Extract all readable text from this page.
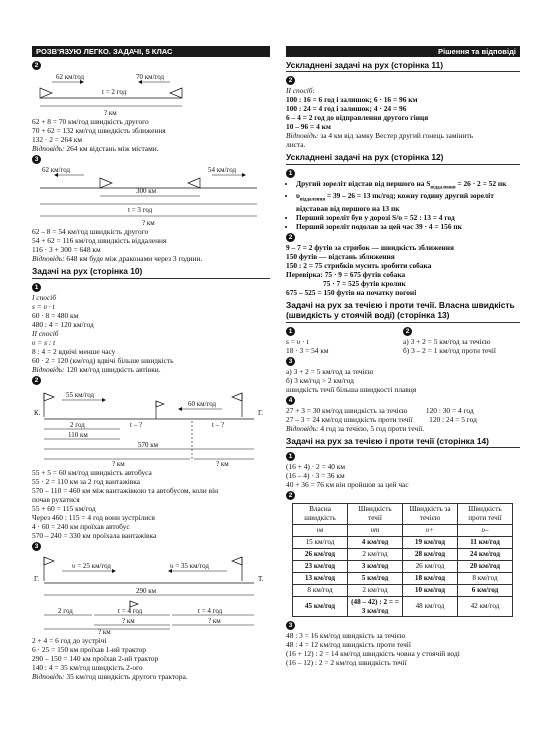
РОЗВ'ЯЗУЮ ЛЕГКО. ЗАДАЧІ, 5 КЛАС	Рішення та відповіді
2
62 км/год	70 км/год
t = 2 год
? км
62 + 8 = 70 км/год швидкість другого
70 + 62 = 132 км/год швидкість зближення
132 · 2 = 264 км
Відповідь: 264 км відстань між містами.
3
62 км/год	54 км/год
300 км
t = 3 год
? км
62 – 8 = 54 км/год швидкість другого
54 + 62 = 116 км/год швидкість віддалення
116 · 3 + 300 = 648 км
Відповідь: 648 км буде між драконами через 3 години.
Задачі на рух (сторінка 10)
1
I спосіб
s = υ · t
60 · 8 = 480 км
480 : 4 = 120 км/год
II спосіб
υ = s : t
8 : 4 = 2 вдвічі менше часу
60 · 2 = 120 (км/год) вдвічі більше швидкість
Відповідь: 120 км/год швидкість автівки.
2
К.	Г.
55 км/год
60 км/год
2 год	t – ?	t – ?
110 км
570 км
? км	? км
55 + 5 = 60 км/год швидкість автобуса
55 · 2 = 110 км за 2 год вантажівка
570 – 110 = 460 км між вантажівкою та автобусом, коли він
почав рухатися
55 + 60 = 115 км/год
Через 460 : 115 = 4 год вони зустрілися
4 · 60 = 240 км проїхав автобус
570 – 240 = 330 км проїхала вантажівка
3
Г.	Т.
υ = 25 км/год	υ = 35 км/год
290 км
2 год	t = 4 год	t = 4 год
? км	? км
? км
2 + 4 = 6 год до зустрічі
6 · 25 = 150 км проїхав 1-ий трактор
290 – 150 = 140 км проїхав 2-ий трактор
140 : 4 = 35 км/год швидкість 2-ого
Відповідь: 35 км/год швидкість другого трактора.
Ускладнені задачі на рух (сторінка 11)
2
II спосіб:
100 : 16 = 6 год і залишок; 6 · 16 = 96 км
100 : 24 = 4 год і залишок; 4 · 24 = 96
6 – 4 = 2 год до відправлення другого гінця
10 – 96 = 4 км
Відповідь: за 4 км від замку Вестер другий гонець замінить
листа.
Ускладнені задачі на рух (сторінка 12)
1
• Другий зореліт відстав від першого на $S_{віддалення} = 26 \cdot 2 = 52$ пк
• $\upsilon_{віддалення} = 39 - 26 = 13$ пк/год; кожну годину другий зореліт відставав від першого на 13 пк
• Перший зореліт був у дорозі S/υ = 52 : 13 = 4 год
• Перший зореліт подолав за цей час 39 · 4 = 156 пк
2
9 – 7 = 2 футів за стрибок — швидкість зближення
150 футів — відстань зближення
150 : 2 = 75 стрибків мусить зробити собака
Перевірка: 75 · 9 = 675 футів собака
75 · 7 = 525 футів кролик
675 – 525 = 150 футів на початку погоні
Задачі на рух за течією і проти течії. Власна швидкість (швидкість у стоячій воді) (сторінка 13)
1
s = υ · t
18 · 3 = 54 км
2
а) 3 + 2 = 5 км/год за течією
б) 3 – 2 = 1 км/год проти течії
3
а) 3 + 2 = 5 км/год за течією
б) 3 км/год > 2 км/год
швидкість течії більша швидкості плавця
4
27 + 3 = 30 км/год швидкість за течією          120 : 30 = 4 год
27 – 3 = 24 км/год швидкість проти течії         120 : 24 = 5 год
Відповідь: 4 год за течією, 5 год проти течії.
Задачі на рух за течією і проти течії (сторінка 14)
1
(16 + 4) · 2 = 40 км
(16 – 4) · 3 = 36 км
40 + 36 = 76 км він пройшов за цей час
2
Власна швидкість	Швидкість течії	Швидкість за течією	Швидкість проти течії
υв	υт	υ+	υ–
15 км/год	4 км/год	19 км/год	11 км/год
26 км/год	2 км/год	28 км/год	24 км/год
23 км/год	3 км/год	26 км/год	20 км/год
13 км/год	5 км/год	18 км/год	8 км/год
8 км/год	2 км/год	10 км/год	6 км/год
45 км/год	(48 – 42) : 2 = = 3 км/год	48 км/год	42 км/год
3
48 : 3 = 16 км/год швидкість за течією
48 : 4 = 12 км/год швидкість проти течії
(16 + 12) : 2 = 14 км/год швидкість човна у стоячій воді
(16 – 12) : 2 = 2 км/год швидкість течії
